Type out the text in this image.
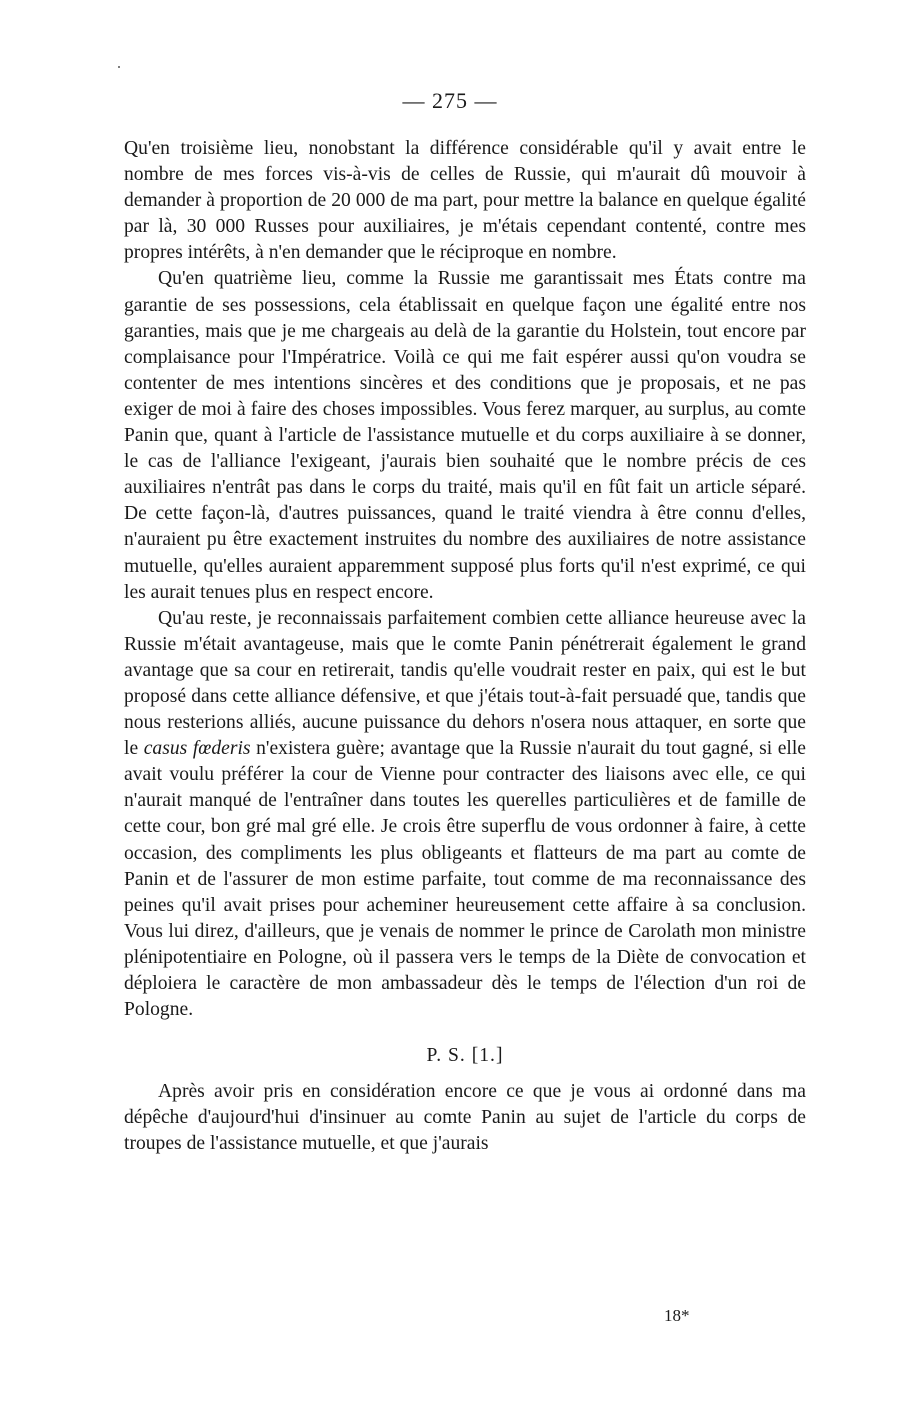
— 275 —

Qu'en troisième lieu, nonobstant la différence considérable qu'il y avait entre le nombre de mes forces vis-à-vis de celles de Russie, qui m'aurait dû mouvoir à demander à proportion de 20 000 de ma part, pour mettre la balance en quelque égalité par là, 30 000 Russes pour auxiliaires, je m'étais cependant contenté, contre mes propres intérêts, à n'en demander que le réciproque en nombre.

Qu'en quatrième lieu, comme la Russie me garantissait mes États contre ma garantie de ses possessions, cela établissait en quelque façon une égalité entre nos garanties, mais que je me chargeais au delà de la garantie du Holstein, tout encore par complaisance pour l'Impératrice. Voilà ce qui me fait espérer aussi qu'on voudra se contenter de mes intentions sincères et des conditions que je proposais, et ne pas exiger de moi à faire des choses impossibles. Vous ferez marquer, au surplus, au comte Panin que, quant à l'article de l'assistance mutuelle et du corps auxiliaire à se donner, le cas de l'alliance l'exigeant, j'aurais bien souhaité que le nombre précis de ces auxiliaires n'entrât pas dans le corps du traité, mais qu'il en fût fait un article séparé. De cette façon-là, d'autres puissances, quand le traité viendra à être connu d'elles, n'auraient pu être exactement instruites du nombre des auxiliaires de notre assistance mutuelle, qu'elles auraient apparemment supposé plus forts qu'il n'est exprimé, ce qui les aurait tenues plus en respect encore.

Qu'au reste, je reconnaissais parfaitement combien cette alliance heureuse avec la Russie m'était avantageuse, mais que le comte Panin pénétrerait également le grand avantage que sa cour en retirerait, tandis qu'elle voudrait rester en paix, qui est le but proposé dans cette alliance défensive, et que j'étais tout-à-fait persuadé que, tandis que nous resterions alliés, aucune puissance du dehors n'osera nous attaquer, en sorte que le casus fœderis n'existera guère; avantage que la Russie n'aurait du tout gagné, si elle avait voulu préférer la cour de Vienne pour contracter des liaisons avec elle, ce qui n'aurait manqué de l'entraîner dans toutes les querelles particulières et de famille de cette cour, bon gré mal gré elle. Je crois être superflu de vous ordonner à faire, à cette occasion, des compliments les plus obligeants et flatteurs de ma part au comte de Panin et de l'assurer de mon estime parfaite, tout comme de ma reconnaissance des peines qu'il avait prises pour acheminer heureusement cette affaire à sa conclusion. Vous lui direz, d'ailleurs, que je venais de nommer le prince de Carolath mon ministre plénipotentiaire en Pologne, où il passera vers le temps de la Diète de convocation et déploiera le caractère de mon ambassadeur dès le temps de l'élection d'un roi de Pologne.

P. S. [1.]

Après avoir pris en considération encore ce que je vous ai ordonné dans ma dépêche d'aujourd'hui d'insinuer au comte Panin au sujet de l'article du corps de troupes de l'assistance mutuelle, et que j'aurais

18*
